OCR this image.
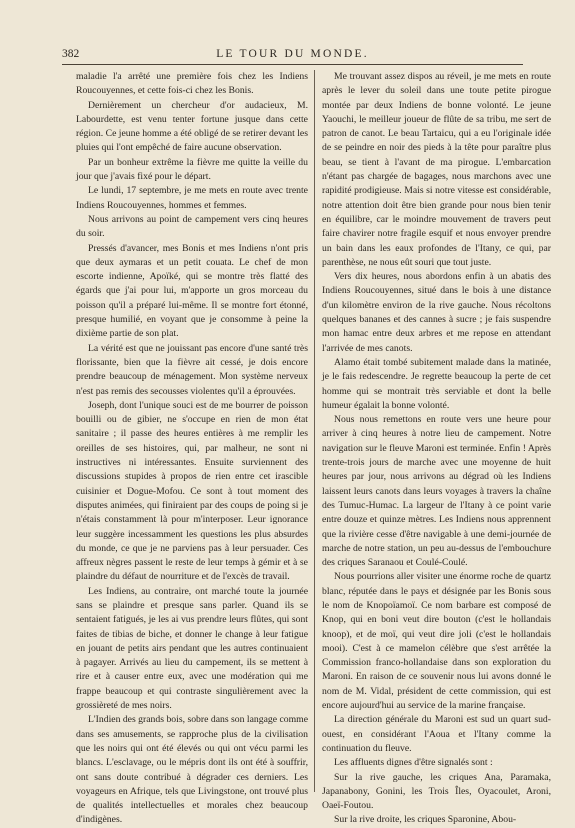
382	LE TOUR DU MONDE.

maladie l'a arrêté une première fois chez les Indiens Roucouyennes, et cette fois-ci chez les Bonis.

Dernièrement un chercheur d'or audacieux, M. Labourdette, est venu tenter fortune jusque dans cette région. Ce jeune homme a été obligé de se retirer devant les pluies qui l'ont empêché de faire aucune observation.

Par un bonheur extrême la fièvre me quitte la veille du jour que j'avais fixé pour le départ.

Le lundi, 17 septembre, je me mets en route avec trente Indiens Roucouyennes, hommes et femmes.

Nous arrivons au point de campement vers cinq heures du soir.

Pressés d'avancer, mes Bonis et mes Indiens n'ont pris que deux aymaras et un petit couata. Le chef de mon escorte indienne, Apoïké, qui se montre très flatté des égards que j'ai pour lui, m'apporte un gros morceau du poisson qu'il a préparé lui-même. Il se montre fort étonné, presque humilié, en voyant que je consomme à peine la dixième partie de son plat.

La vérité est que ne jouissant pas encore d'une santé très florissante, bien que la fièvre ait cessé, je dois encore prendre beaucoup de ménagement. Mon système nerveux n'est pas remis des secousses violentes qu'il a éprouvées.

Joseph, dont l'unique souci est de me bourrer de poisson bouilli ou de gibier, ne s'occupe en rien de mon état sanitaire ; il passe des heures entières à me remplir les oreilles de ses histoires, qui, par malheur, ne sont ni instructives ni intéressantes. Ensuite surviennent des discussions stupides à propos de rien entre cet irascible cuisinier et Dogue-Mofou. Ce sont à tout moment des disputes animées, qui finiraient par des coups de poing si je n'étais constamment là pour m'interposer. Leur ignorance leur suggère incessamment les questions les plus absurdes du monde, ce que je ne parviens pas à leur persuader. Ces affreux nègres passent le reste de leur temps à gémir et à se plaindre du défaut de nourriture et de l'excès de travail.

Les Indiens, au contraire, ont marché toute la journée sans se plaindre et presque sans parler. Quand ils se sentaient fatigués, je les ai vus prendre leurs flûtes, qui sont faites de tibias de biche, et donner le change à leur fatigue en jouant de petits airs pendant que les autres continuaient à pagayer. Arrivés au lieu du campement, ils se mettent à rire et à causer entre eux, avec une modération qui me frappe beaucoup et qui contraste singulièrement avec la grossièreté de mes noirs.

L'Indien des grands bois, sobre dans son langage comme dans ses amusements, se rapproche plus de la civilisation que les noirs qui ont été élevés ou qui ont vécu parmi les blancs. L'esclavage, ou le mépris dont ils ont été à souffrir, ont sans doute contribué à dégrader ces derniers. Les voyageurs en Afrique, tels que Livingstone, ont trouvé plus de qualités intellectuelles et morales chez beaucoup d'indigènes.

Me trouvant assez dispos au réveil, je me mets en route après le lever du soleil dans une toute petite pirogue montée par deux Indiens de bonne volonté. Le jeune Yaouchi, le meilleur joueur de flûte de sa tribu, me sert de patron de canot. Le beau Tartaicu, qui a eu l'originale idée de se peindre en noir des pieds à la tête pour paraître plus beau, se tient à l'avant de ma pirogue. L'embarcation n'étant pas chargée de bagages, nous marchons avec une rapidité prodigieuse. Mais si notre vitesse est considérable, notre attention doit être bien grande pour nous bien tenir en équilibre, car le moindre mouvement de travers peut faire chavirer notre fragile esquif et nous envoyer prendre un bain dans les eaux profondes de l'Itany, ce qui, par parenthèse, ne nous eût souri que tout juste.

Vers dix heures, nous abordons enfin à un abatis des Indiens Roucouyennes, situé dans le bois à une distance d'un kilomètre environ de la rive gauche. Nous récoltons quelques bananes et des cannes à sucre ; je fais suspendre mon hamac entre deux arbres et me repose en attendant l'arrivée de mes canots.

Alamo était tombé subitement malade dans la matinée, je le fais redescendre. Je regrette beaucoup la perte de cet homme qui se montrait très serviable et dont la belle humeur égalait la bonne volonté.

Nous nous remettons en route vers une heure pour arriver à cinq heures à notre lieu de campement. Notre navigation sur le fleuve Maroni est terminée. Enfin ! Après trente-trois jours de marche avec une moyenne de huit heures par jour, nous arrivons au dégrad où les Indiens laissent leurs canots dans leurs voyages à travers la chaîne des Tumuc-Humac. La largeur de l'Itany à ce point varie entre douze et quinze mètres. Les Indiens nous apprennent que la rivière cesse d'être navigable à une demi-journée de marche de notre station, un peu au-dessus de l'embouchure des criques Saranaou et Coulé-Coulé.

Nous pourrions aller visiter une énorme roche de quartz blanc, réputée dans le pays et désignée par les Bonis sous le nom de Knopoïamoï. Ce nom barbare est composé de Knop, qui en boni veut dire bouton (c'est le hollandais knoop), et de moï, qui veut dire joli (c'est le hollandais mooi). C'est à ce mamelon célèbre que s'est arrêtée la Commission franco-hollandaise dans son exploration du Maroni. En raison de ce souvenir nous lui avons donné le nom de M. Vidal, président de cette commission, qui est encore aujourd'hui au service de la marine française.

La direction générale du Maroni est sud un quart sud-ouest, en considérant l'Aoua et l'Itany comme la continuation du fleuve.

Les affluents dignes d'être signalés sont :

Sur la rive gauche, les criques Ana, Paramaka, Japanabony, Gonini, les Trois Îles, Oyacoulet, Aroni, Oaeï-Foutou.

Sur la rive droite, les criques Sparonine, Abou-
